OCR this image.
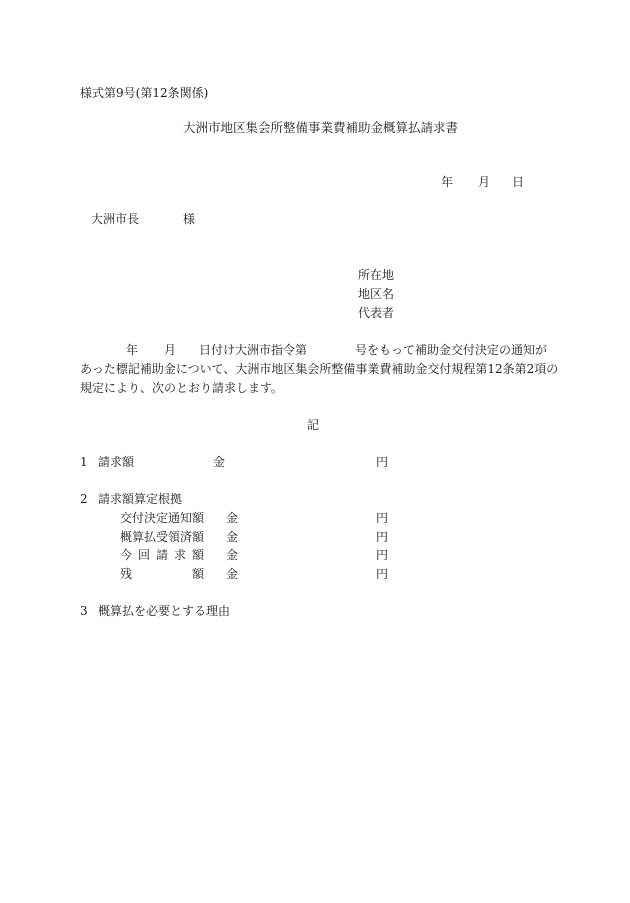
様式第9号(第12条関係)
大洲市地区集会所整備事業費補助金概算払請求書
年 月 日
大洲市長	様
所在地
地区名
代表者
年 月 日付け大洲市指令第	号をもって補助金交付決定の通知が
あった標記補助金について、大洲市地区集会所整備事業費補助金交付規程第12条第2項の
規定により、次のとおり請求します。
記
1 請求額	金	円
2 請求額算定根拠
交付決定通知額 金	円
概算払受領済額 金	円
今回請求額 金	円
残額 金	円
3 概算払を必要とする理由
